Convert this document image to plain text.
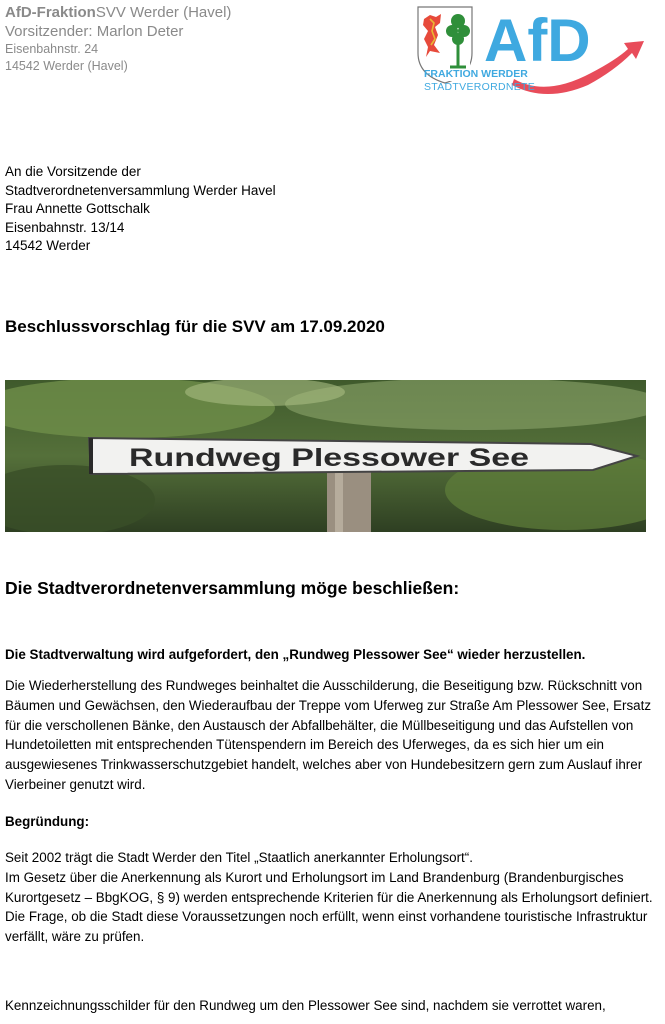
AfD-FraktionSVV Werder (Havel)
Vorsitzender: Marlon Deter
Eisenbahnstr. 24
14542 Werder (Havel)	AfD
FRAKTION WERDER
STADTVERORDNETE
An die Vorsitzende der
Stadtverordnetenversammlung Werder Havel
Frau Annette Gottschalk
Eisenbahnstr. 13/14
14542 Werder
Beschlussvorschlag für die SVV am 17.09.2020
Rundweg Plessower See
Die Stadtverordnetenversammlung möge beschließen:
Die Stadtverwaltung wird aufgefordert, den „Rundweg Plessower See“ wieder herzustellen.
Die Wiederherstellung des Rundweges beinhaltet die Ausschilderung, die Beseitigung bzw. Rückschnitt von Bäumen und Gewächsen, den Wiederaufbau der Treppe vom Uferweg zur Straße Am Plessower See, Ersatz für die verschollenen Bänke, den Austausch der Abfallbehälter, die Müllbeseitigung und das Aufstellen von Hundetoiletten mit entsprechenden Tütenspendern im Bereich des Uferweges, da es sich hier um ein ausgewiesenes Trinkwasserschutzgebiet handelt, welches aber von Hundebesitzern gern zum Auslauf ihrer Vierbeiner genutzt wird.
Begründung:

Seit 2002 trägt die Stadt Werder den Titel „Staatlich anerkannter Erholungsort“.

Im Gesetz über die Anerkennung als Kurort und Erholungsort im Land Brandenburg (Brandenburgisches Kurortgesetz – BbgKOG, § 9) werden entsprechende Kriterien für die Anerkennung als Erholungsort definiert.

Die Frage, ob die Stadt diese Voraussetzungen noch erfüllt, wenn einst vorhandene touristische Infrastruktur verfällt, wäre zu prüfen.

Kennzeichnungsschilder für den Rundweg um den Plessower See sind, nachdem sie verrottet waren,
